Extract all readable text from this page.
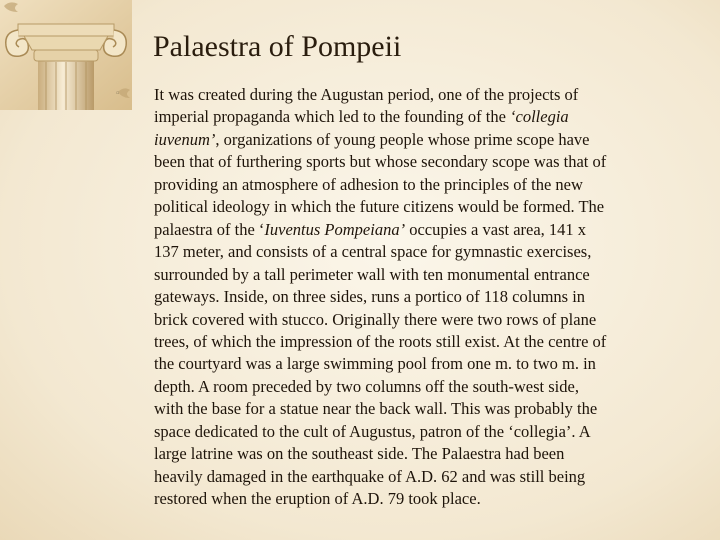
Palaestra of Pompeii
▫ It was created during the Augustan period, one of the projects of
imperial propaganda which led to the founding of the ‘collegia
iuvenum’, organizations of young people whose prime scope have
been that of furthering sports but whose secondary scope was that of
providing an atmosphere of adhesion to the principles of the new
political ideology in which the future citizens would be formed. The
palaestra of the ‘Iuventus Pompeiana’ occupies a vast area, 141 x
137 meter, and consists of a central space for gymnastic exercises,
surrounded by a tall perimeter wall with ten monumental entrance
gateways. Inside, on three sides, runs a portico of 118 columns in
brick covered with stucco. Originally there were two rows of plane
trees, of which the impression of the roots still exist. At the centre of
the courtyard was a large swimming pool from one m. to two m. in
depth. A room preceded by two columns off the south-west side,
with the base for a statue near the back wall. This was probably the
space dedicated to the cult of Augustus, patron of the ‘collegia’. A
large latrine was on the southeast side. The Palaestra had been
heavily damaged in the earthquake of A.D. 62 and was still being
restored when the eruption of A.D. 79 took place.
